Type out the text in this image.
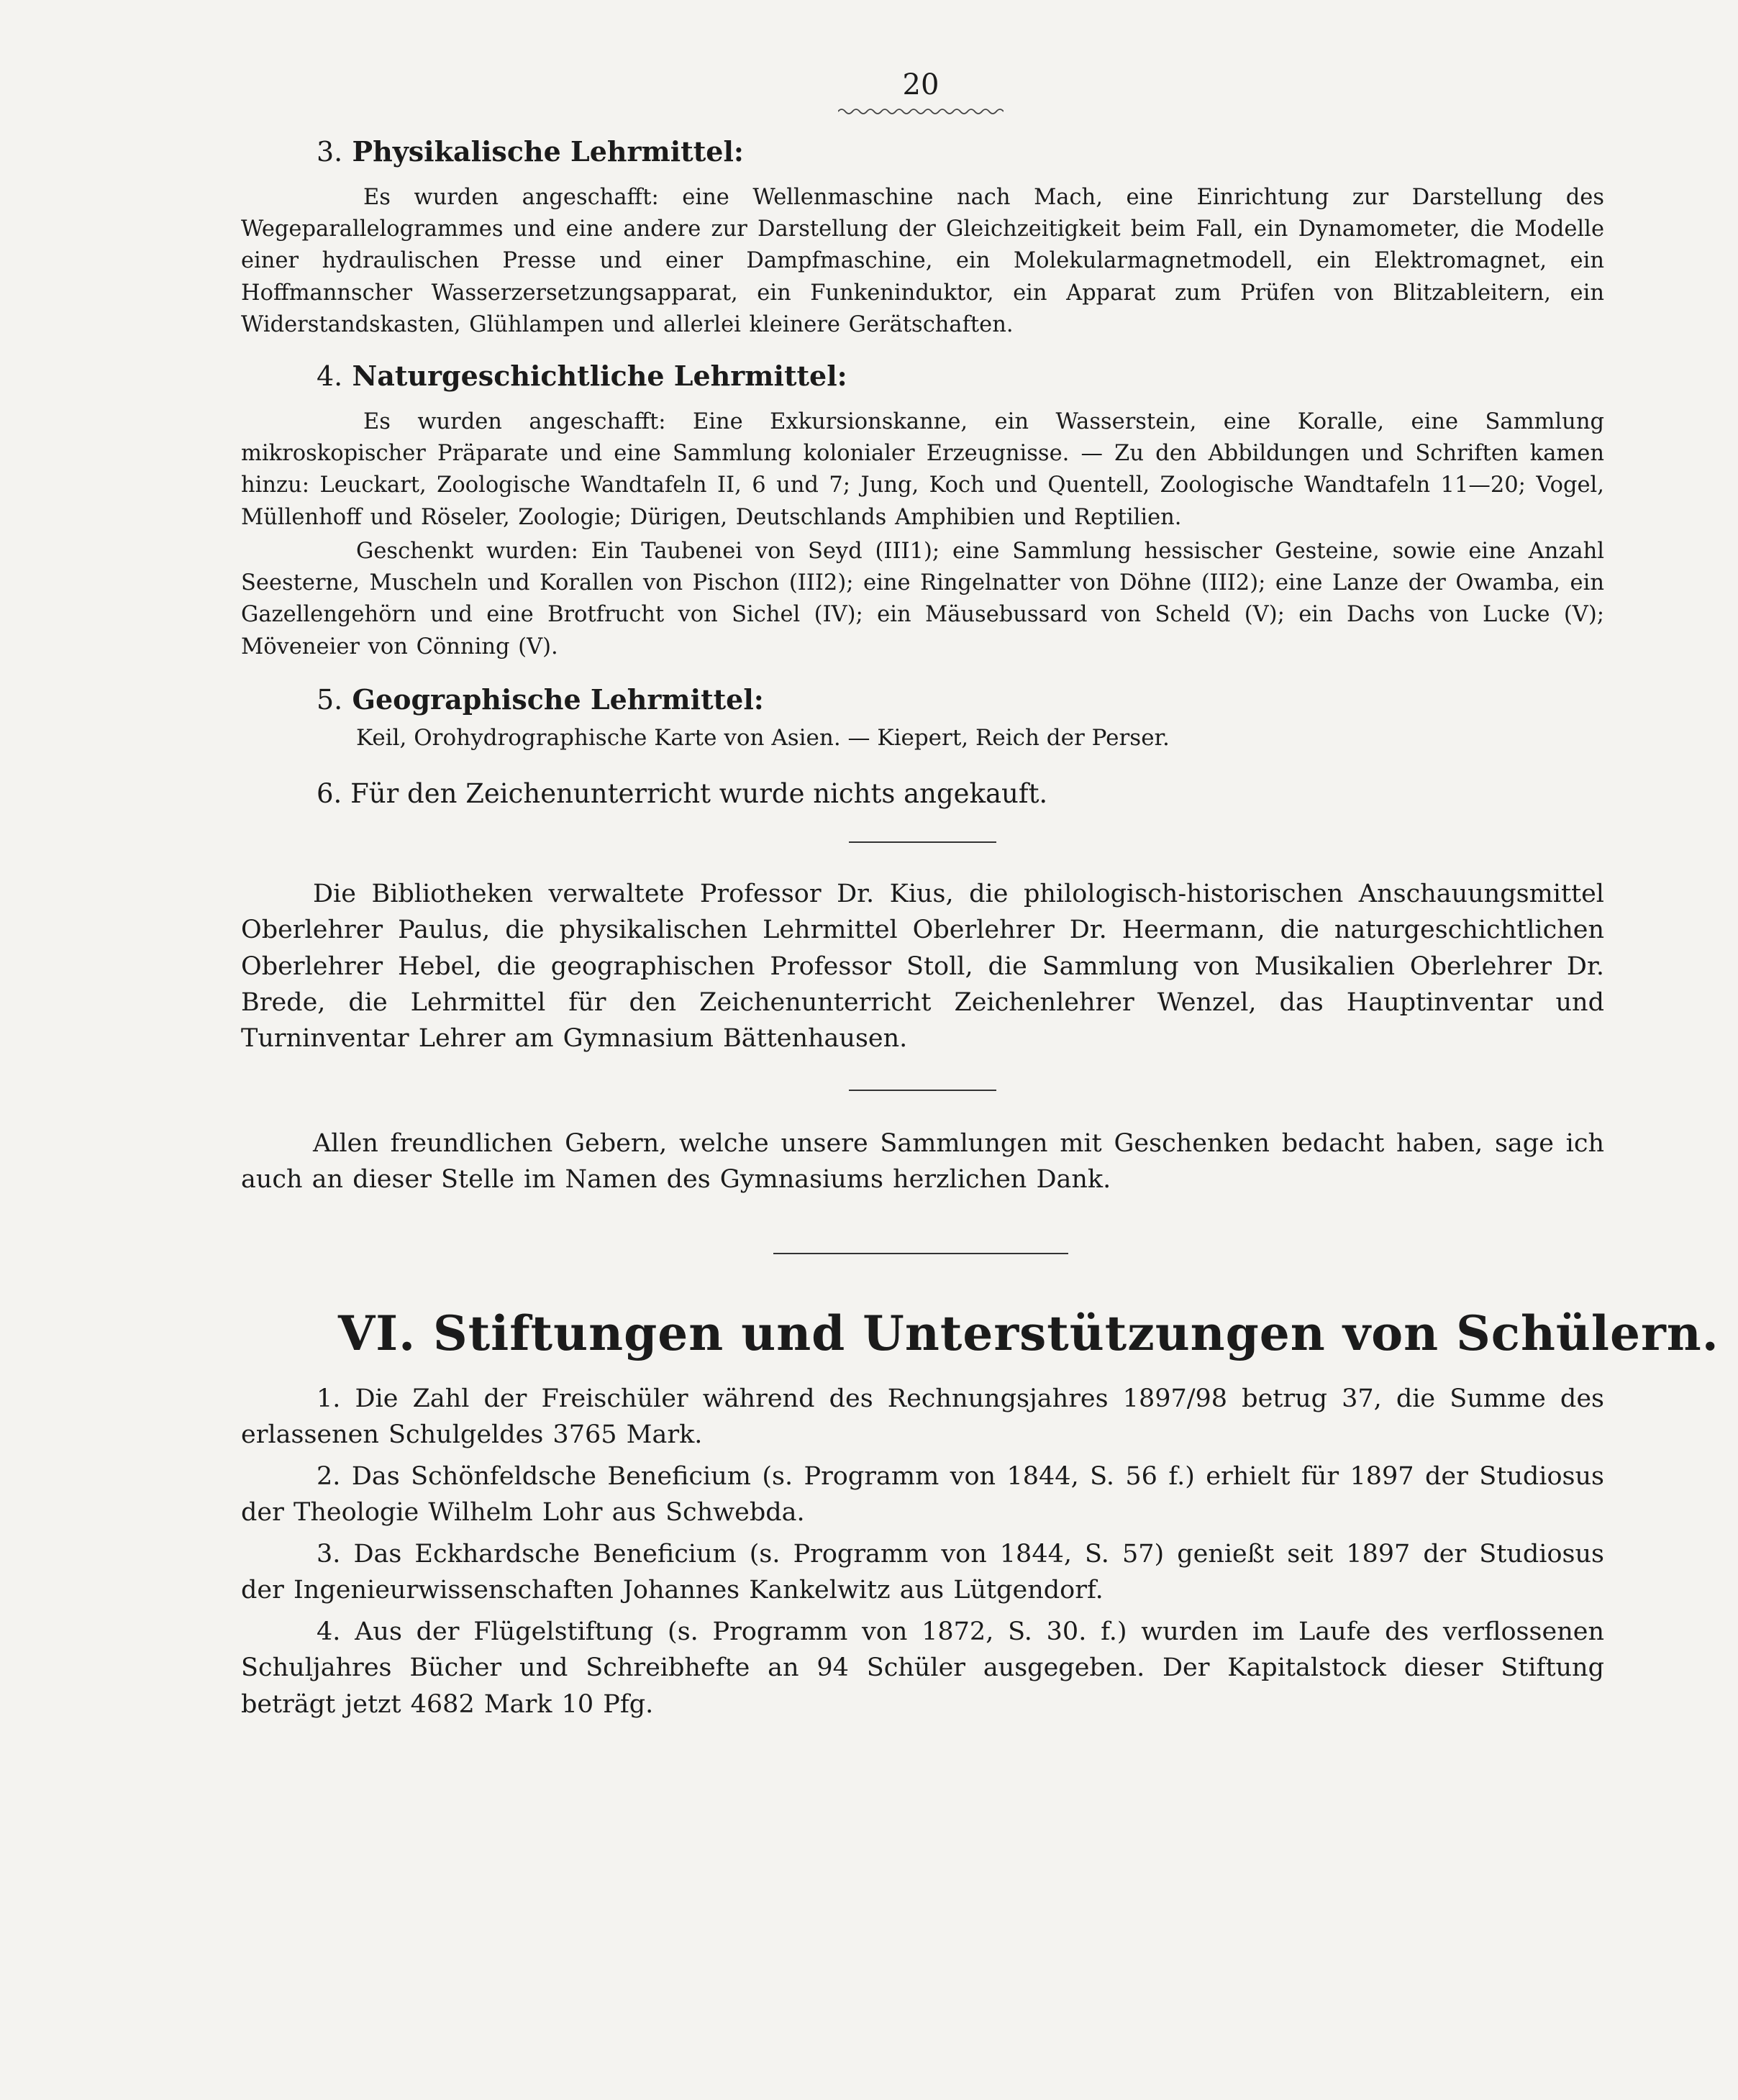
20
3. Physikalische Lehrmittel:
Es wurden angeschafft: eine Wellenmaschine nach Mach, eine Einrichtung zur Darstellung des Wegeparallelogrammes und eine andere zur Darstellung der Gleichzeitigkeit beim Fall, ein Dynamometer, die Modelle einer hydraulischen Presse und einer Dampfmaschine, ein Molekularmagnetmodell, ein Elektromagnet, ein Hoffmannscher Wasserzersetzungsapparat, ein Funkeninduktor, ein Apparat zum Prüfen von Blitzableitern, ein Widerstandskasten, Glühlampen und allerlei kleinere Gerätschaften.
4. Naturgeschichtliche Lehrmittel:
Es wurden angeschafft: Eine Exkursionskanne, ein Wasserstein, eine Koralle, eine Sammlung mikroskopischer Präparate und eine Sammlung kolonialer Erzeugnisse. — Zu den Abbildungen und Schriften kamen hinzu: Leuckart, Zoologische Wandtafeln II, 6 und 7; Jung, Koch und Quentell, Zoologische Wandtafeln 11—20; Vogel, Müllenhoff und Röseler, Zoologie; Dürigen, Deutschlands Amphibien und Reptilien.
Geschenkt wurden: Ein Taubenei von Seyd (III1); eine Sammlung hessischer Gesteine, sowie eine Anzahl Seesterne, Muscheln und Korallen von Pischon (III2); eine Ringelnatter von Döhne (III2); eine Lanze der Owamba, ein Gazellengehörn und eine Brotfrucht von Sichel (IV); ein Mäusebussard von Scheld (V); ein Dachs von Lucke (V); Möveneier von Cönning (V).
5. Geographische Lehrmittel:
Keil, Orohydrographische Karte von Asien. — Kiepert, Reich der Perser.
6. Für den Zeichenunterricht wurde nichts angekauft.
Die Bibliotheken verwaltete Professor Dr. Kius, die philologisch-historischen Anschauungsmittel Oberlehrer Paulus, die physikalischen Lehrmittel Oberlehrer Dr. Heermann, die naturgeschichtlichen Oberlehrer Hebel, die geographischen Professor Stoll, die Sammlung von Musikalien Oberlehrer Dr. Brede, die Lehrmittel für den Zeichenunterricht Zeichenlehrer Wenzel, das Hauptinventar und Turninventar Lehrer am Gymnasium Bättenhausen.
Allen freundlichen Gebern, welche unsere Sammlungen mit Geschenken bedacht haben, sage ich auch an dieser Stelle im Namen des Gymnasiums herzlichen Dank.
VI. Stiftungen und Unterstützungen von Schülern.
1. Die Zahl der Freischüler während des Rechnungsjahres 1897/98 betrug 37, die Summe des erlassenen Schulgeldes 3765 Mark.
2. Das Schönfeldsche Beneficium (s. Programm von 1844, S. 56 f.) erhielt für 1897 der Studiosus der Theologie Wilhelm Lohr aus Schwebda.
3. Das Eckhardsche Beneficium (s. Programm von 1844, S. 57) genießt seit 1897 der Studiosus der Ingenieurwissenschaften Johannes Kankelwitz aus Lütgendorf.
4. Aus der Flügelstiftung (s. Programm von 1872, S. 30. f.) wurden im Laufe des verflossenen Schuljahres Bücher und Schreibhefte an 94 Schüler ausgegeben. Der Kapitalstock dieser Stiftung beträgt jetzt 4682 Mark 10 Pfg.
